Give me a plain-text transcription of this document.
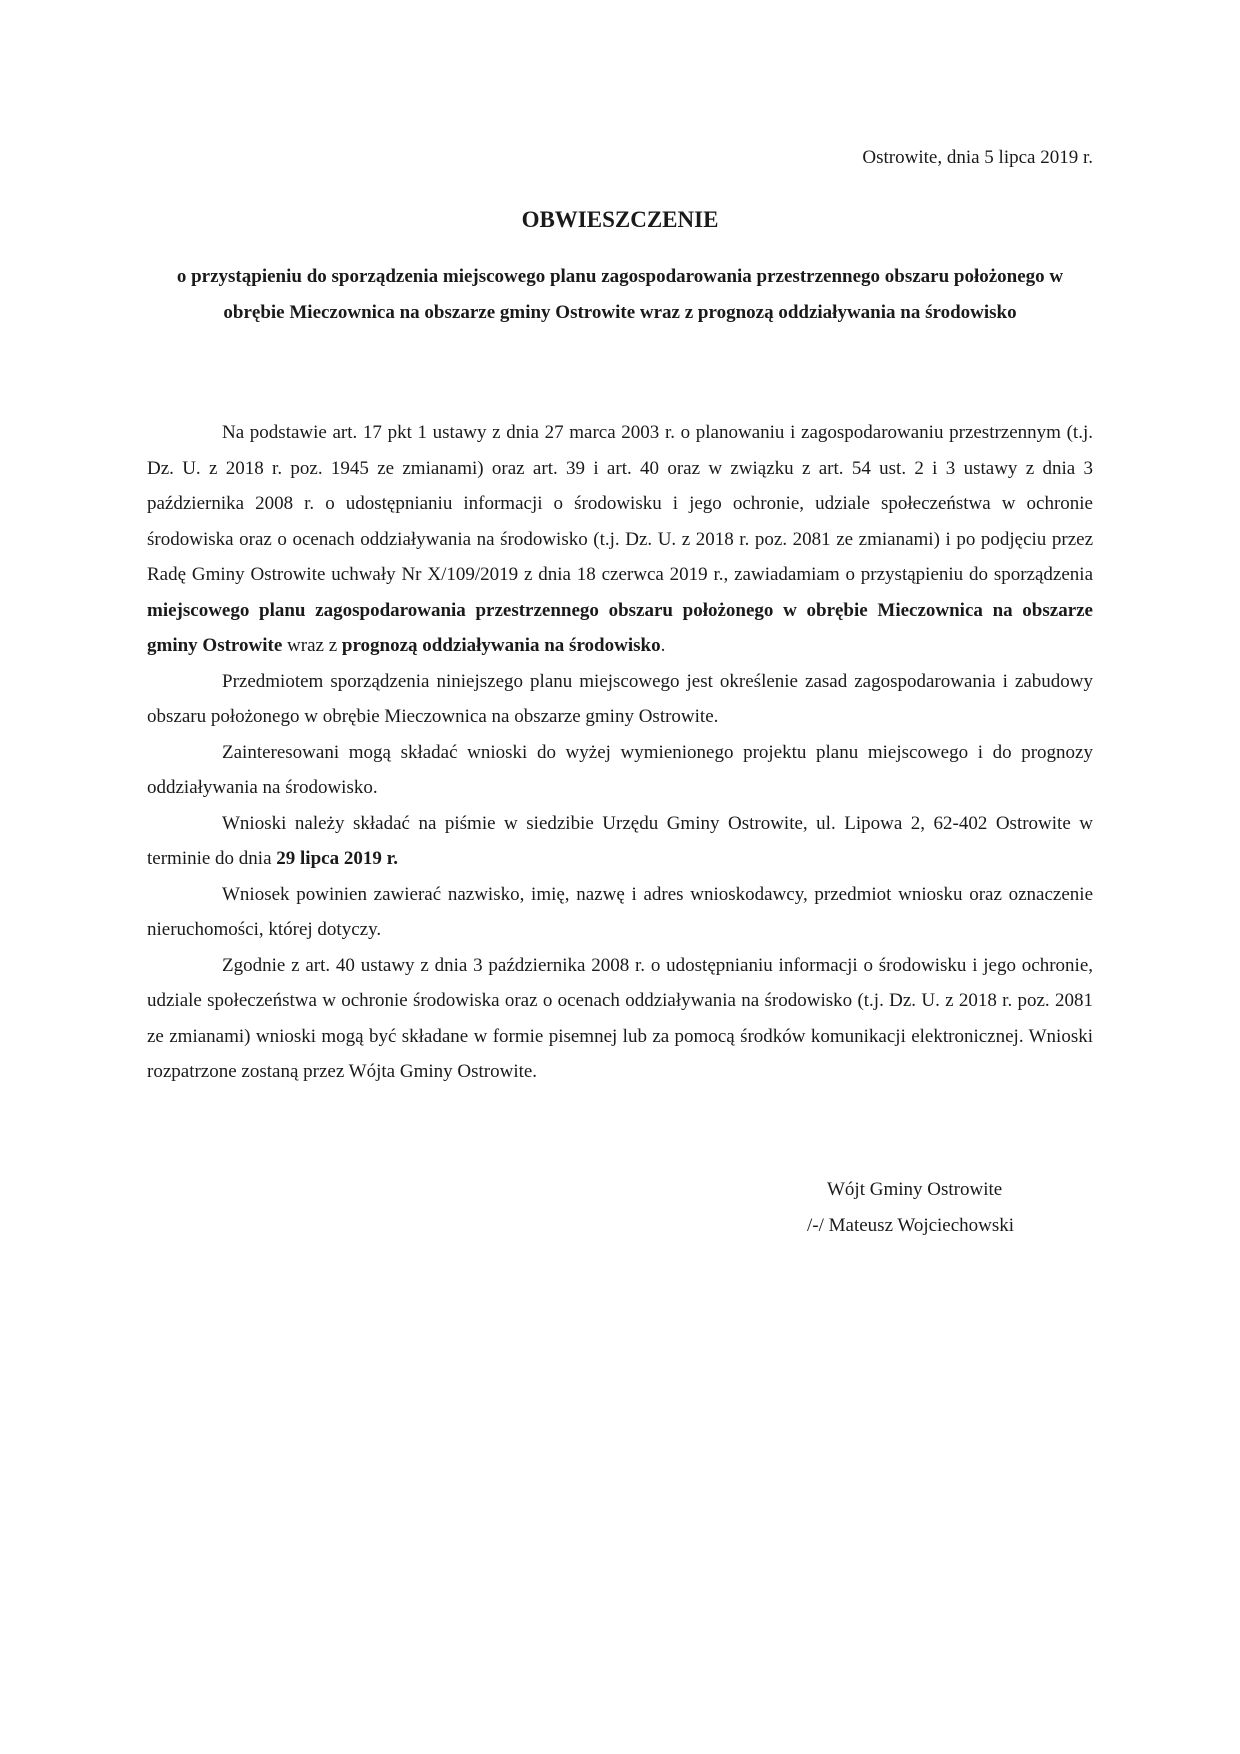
Ostrowite, dnia 5 lipca 2019 r.
OBWIESZCZENIE
o przystąpieniu do sporządzenia miejscowego planu zagospodarowania przestrzennego obszaru położonego w obrębie Mieczownica na obszarze gminy Ostrowite wraz z prognozą oddziaływania na środowisko

Na podstawie art. 17 pkt 1 ustawy z dnia 27 marca 2003 r. o planowaniu i zagospodarowaniu przestrzennym (t.j. Dz. U. z 2018 r. poz. 1945 ze zmianami) oraz art. 39 i art. 40 oraz w związku z art. 54 ust. 2 i 3 ustawy z dnia 3 października 2008 r. o udostępnianiu informacji o środowisku i jego ochronie, udziale społeczeństwa w ochronie środowiska oraz o ocenach oddziaływania na środowisko (t.j. Dz. U. z 2018 r. poz. 2081 ze zmianami) i po podjęciu przez Radę Gminy Ostrowite uchwały Nr X/109/2019 z dnia 18 czerwca 2019 r., zawiadamiam o przystąpieniu do sporządzenia miejscowego planu zagospodarowania przestrzennego obszaru położonego w obrębie Mieczownica na obszarze gminy Ostrowite wraz z prognozą oddziaływania na środowisko.

Przedmiotem sporządzenia niniejszego planu miejscowego jest określenie zasad zagospodarowania i zabudowy obszaru położonego w obrębie Mieczownica na obszarze gminy Ostrowite.

Zainteresowani mogą składać wnioski do wyżej wymienionego projektu planu miejscowego i do prognozy oddziaływania na środowisko.

Wnioski należy składać na piśmie w siedzibie Urzędu Gminy Ostrowite, ul. Lipowa 2, 62-402 Ostrowite w terminie do dnia 29 lipca 2019 r.

Wniosek powinien zawierać nazwisko, imię, nazwę i adres wnioskodawcy, przedmiot wniosku oraz oznaczenie nieruchomości, której dotyczy.

Zgodnie z art. 40 ustawy z dnia 3 października 2008 r. o udostępnianiu informacji o środowisku i jego ochronie, udziale społeczeństwa w ochronie środowiska oraz o ocenach oddziaływania na środowisko (t.j. Dz. U. z 2018 r. poz. 2081 ze zmianami) wnioski mogą być składane w formie pisemnej lub za pomocą środków komunikacji elektronicznej. Wnioski rozpatrzone zostaną przez Wójta Gminy Ostrowite.

Wójt Gminy Ostrowite
/-/ Mateusz Wojciechowski
